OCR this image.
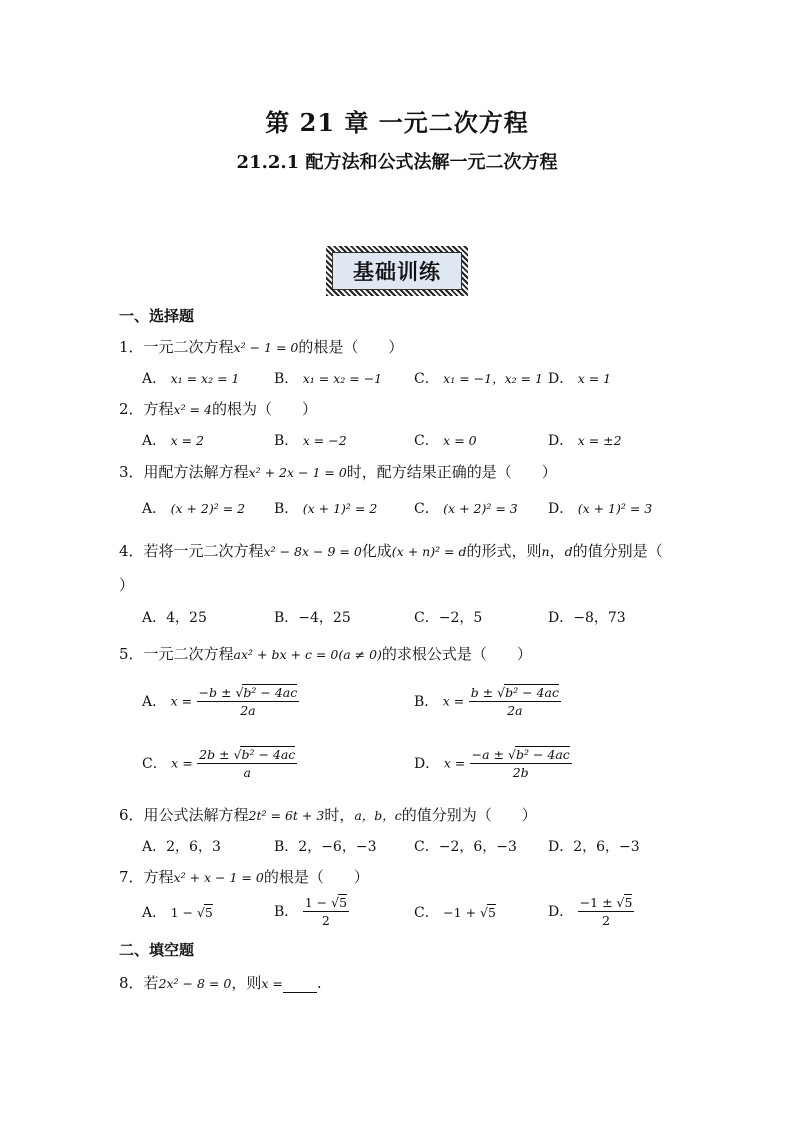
第 21 章 一元二次方程
21.2.1 配方法和公式法解一元二次方程
基础训练
一、选择题
1．一元二次方程x² − 1 = 0的根是（　　）
A． x₁ = x₂ = 1 B． x₁ = x₂ = −1 C． x₁ = −1，x₂ = 1 D． x = 1
2．方程x² = 4的根为（　　）
A． x = 2	B． x = −2	C． x = 0	D． x = ±2
3．用配方法解方程x² + 2x − 1 = 0时，配方结果正确的是（　　）
A． (x + 2)² = 2 B． (x + 1)² = 2	C． (x + 2)² = 3 D． (x + 1)² = 3
4．若将一元二次方程x² − 8x − 9 = 0化成(x + n)² = d的形式，则n，d的值分别是（
）
A．4，25	B．−4，25	C．−2，5	D．−8，73
5．一元二次方程ax² + bx + c = 0(a ≠ 0)的求根公式是（　　）
A． $x = \frac{\text{−b ± √b² − 4ac}}{2a}$	B． $x = \frac{\text{b ± √b² − 4ac}}{2a}$
C． $x = \frac{\text{2b ± √b² − 4ac}}{a}$	D． $x = \frac{\text{−a ± √b² − 4ac}}{2b}$
6．用公式法解方程2t² = 6t + 3时，a，b，c的值分别为（　　）
A．2，6，3	B．2，−6，−3	C．−2，6，−3 D．2，6，−3
7．方程x² + x − 1 = 0的根是（　　）
A． 1 − √5	B． $\frac{1 - √5}{2}$	C． −1 + √5	D． $\frac{-1 \pm √5}{2}$
二、填空题
8．若2x² − 8 = 0，则x = .
